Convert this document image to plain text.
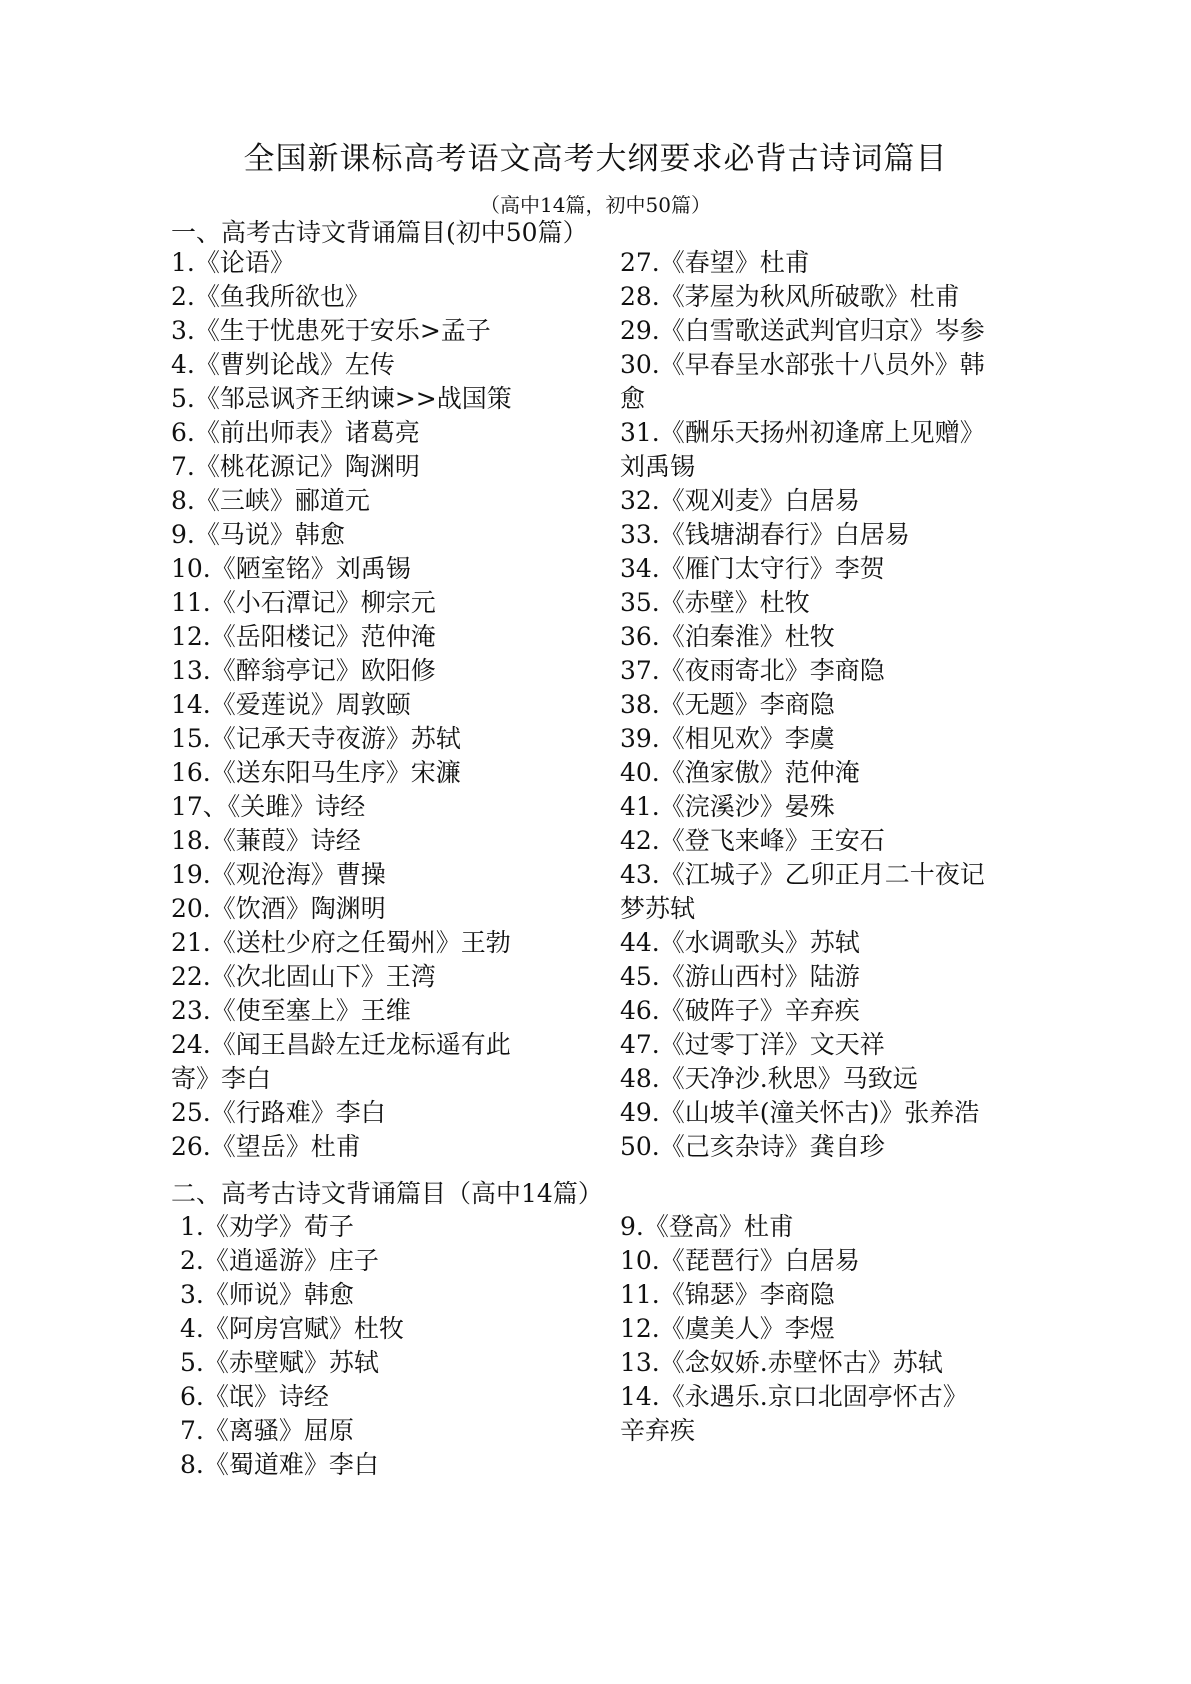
全国新课标高考语文高考大纲要求必背古诗词篇目

（高中14篇，初中50篇）

一、高考古诗文背诵篇目(初中50篇）
1.《论语》
2.《鱼我所欲也》
3.《生于忧患死于安乐>孟子
4.《曹刿论战》左传
5.《邹忌讽齐王纳谏>>战国策
6.《前出师表》诸葛亮
7.《桃花源记》陶渊明
8.《三峡》郦道元
9.《马说》韩愈
10.《陋室铭》刘禹锡
11.《小石潭记》柳宗元
12.《岳阳楼记》范仲淹
13.《醉翁亭记》欧阳修
14.《爱莲说》周敦颐
15.《记承天寺夜游》苏轼
16.《送东阳马生序》宋濂
17、《关雎》诗经
18.《蒹葭》诗经
19.《观沧海》曹操
20.《饮酒》陶渊明
21.《送杜少府之任蜀州》王勃
22.《次北固山下》王湾
23.《使至塞上》王维
24.《闻王昌龄左迁龙标遥有此
寄》李白
25.《行路难》李白
26.《望岳》杜甫
27.《春望》杜甫
28.《茅屋为秋风所破歌》杜甫
29.《白雪歌送武判官归京》岑参
30.《早春呈水部张十八员外》韩
愈
31.《酬乐天扬州初逢席上见赠》
刘禹锡
32.《观刈麦》白居易
33.《钱塘湖春行》白居易
34.《雁门太守行》李贺
35.《赤壁》杜牧
36.《泊秦淮》杜牧
37.《夜雨寄北》李商隐
38.《无题》李商隐
39.《相见欢》李虞
40.《渔家傲》范仲淹
41.《浣溪沙》晏殊
42.《登飞来峰》王安石
43.《江城子》乙卯正月二十夜记
梦苏轼
44.《水调歌头》苏轼
45.《游山西村》陆游
46.《破阵子》辛弃疾
47.《过零丁洋》文天祥
48.《天净沙.秋思》马致远
49.《山坡羊(潼关怀古)》张养浩
50.《己亥杂诗》龚自珍
二、高考古诗文背诵篇目（高中14篇）
1.《劝学》荀子
2.《逍遥游》庄子
3.《师说》韩愈
4.《阿房宫赋》杜牧
5.《赤壁赋》苏轼
6.《氓》诗经
7.《离骚》屈原
8.《蜀道难》李白
9.《登高》杜甫
10.《琵琶行》白居易
11.《锦瑟》李商隐
12.《虞美人》李煜
13.《念奴娇.赤壁怀古》苏轼
14.《永遇乐.京口北固亭怀古》
辛弃疾
